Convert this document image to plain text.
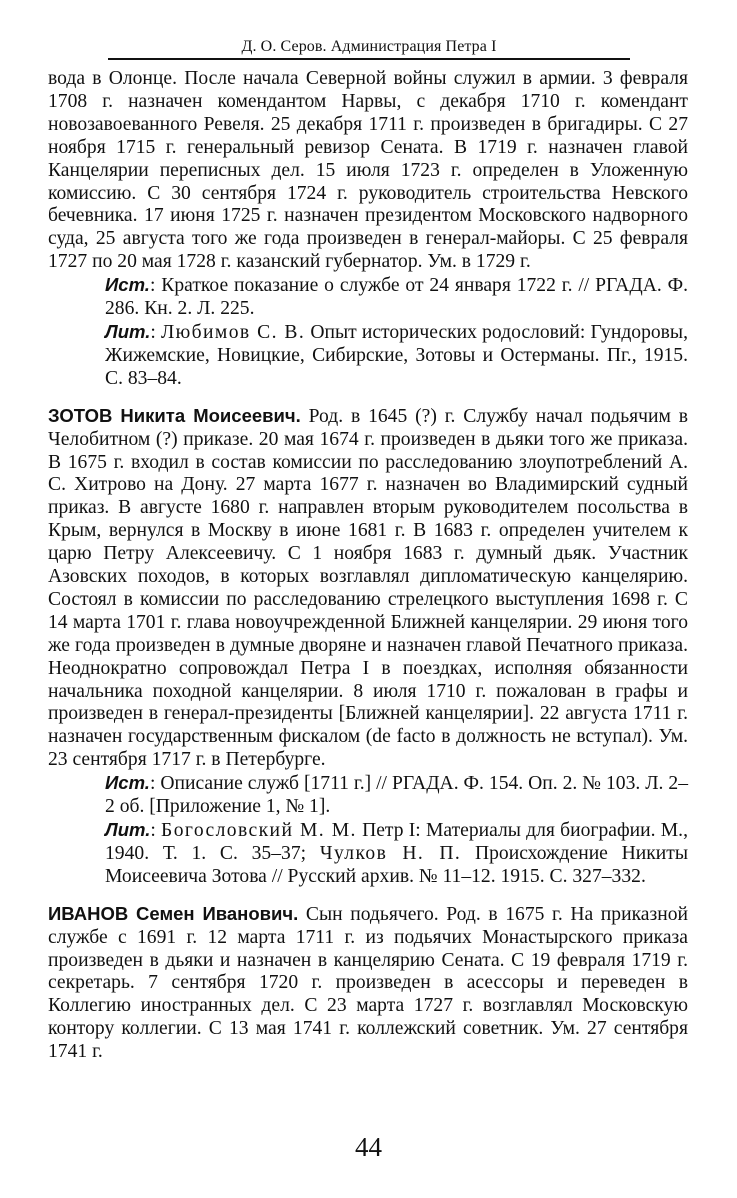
Д. О. Серов. Администрация Петра I

вода в Олонце. После начала Северной войны служил в армии. 3 февраля 1708 г. назначен комендантом Нарвы, с декабря 1710 г. комендант новозавоеванного Ревеля. 25 декабря 1711 г. произведен в бригадиры. С 27 ноября 1715 г. генеральный ревизор Сената. В 1719 г. назначен главой Канцелярии переписных дел. 15 июля 1723 г. определен в Уложенную комиссию. С 30 сентября 1724 г. руководитель строительства Невского бечевника. 17 июня 1725 г. назначен президентом Московского надворного суда, 25 августа того же года произведен в генерал-майоры. С 25 февраля 1727 по 20 мая 1728 г. казанский губернатор. Ум. в 1729 г.

Ист.: Краткое показание о службе от 24 января 1722 г. // РГАДА. Ф. 286. Кн. 2. Л. 225.

Лит.: Любимов С. В. Опыт исторических родословий: Гундоровы, Жижемские, Новицкие, Сибирские, Зотовы и Остерманы. Пг., 1915. С. 83–84.

ЗОТОВ Никита Моисеевич. Род. в 1645 (?) г. Службу начал подьячим в Челобитном (?) приказе. 20 мая 1674 г. произведен в дьяки того же приказа. В 1675 г. входил в состав комиссии по расследованию злоупотреблений А. С. Хитрово на Дону. 27 марта 1677 г. назначен во Владимирский судный приказ. В августе 1680 г. направлен вторым руководителем посольства в Крым, вернулся в Москву в июне 1681 г. В 1683 г. определен учителем к царю Петру Алексеевичу. С 1 ноября 1683 г. думный дьяк. Участник Азовских походов, в которых возглавлял дипломатическую канцелярию. Состоял в комиссии по расследованию стрелецкого выступления 1698 г. С 14 марта 1701 г. глава новоучрежденной Ближней канцелярии. 29 июня того же года произведен в думные дворяне и назначен главой Печатного приказа. Неоднократно сопровождал Петра I в поездках, исполняя обязанности начальника походной канцелярии. 8 июля 1710 г. пожалован в графы и произведен в генерал-президенты [Ближней канцелярии]. 22 августа 1711 г. назначен государственным фискалом (de facto в должность не вступал). Ум. 23 сентября 1717 г. в Петербурге.

Ист.: Описание служб [1711 г.] // РГАДА. Ф. 154. Оп. 2. № 103. Л. 2–2 об. [Приложение 1, № 1].

Лит.: Богословский М. М. Петр I: Материалы для биографии. М., 1940. Т. 1. С. 35–37; Чулков Н. П. Происхождение Никиты Моисеевича Зотова // Русский архив. № 11–12. 1915. С. 327–332.

ИВАНОВ Семен Иванович. Сын подьячего. Род. в 1675 г. На приказной службе с 1691 г. 12 марта 1711 г. из подьячих Монастырского приказа произведен в дьяки и назначен в канцелярию Сената. С 19 февраля 1719 г. секретарь. 7 сентября 1720 г. произведен в асессоры и переведен в Коллегию иностранных дел. С 23 марта 1727 г. возглавлял Московскую контору коллегии. С 13 мая 1741 г. коллежский советник. Ум. 27 сентября 1741 г.

44
